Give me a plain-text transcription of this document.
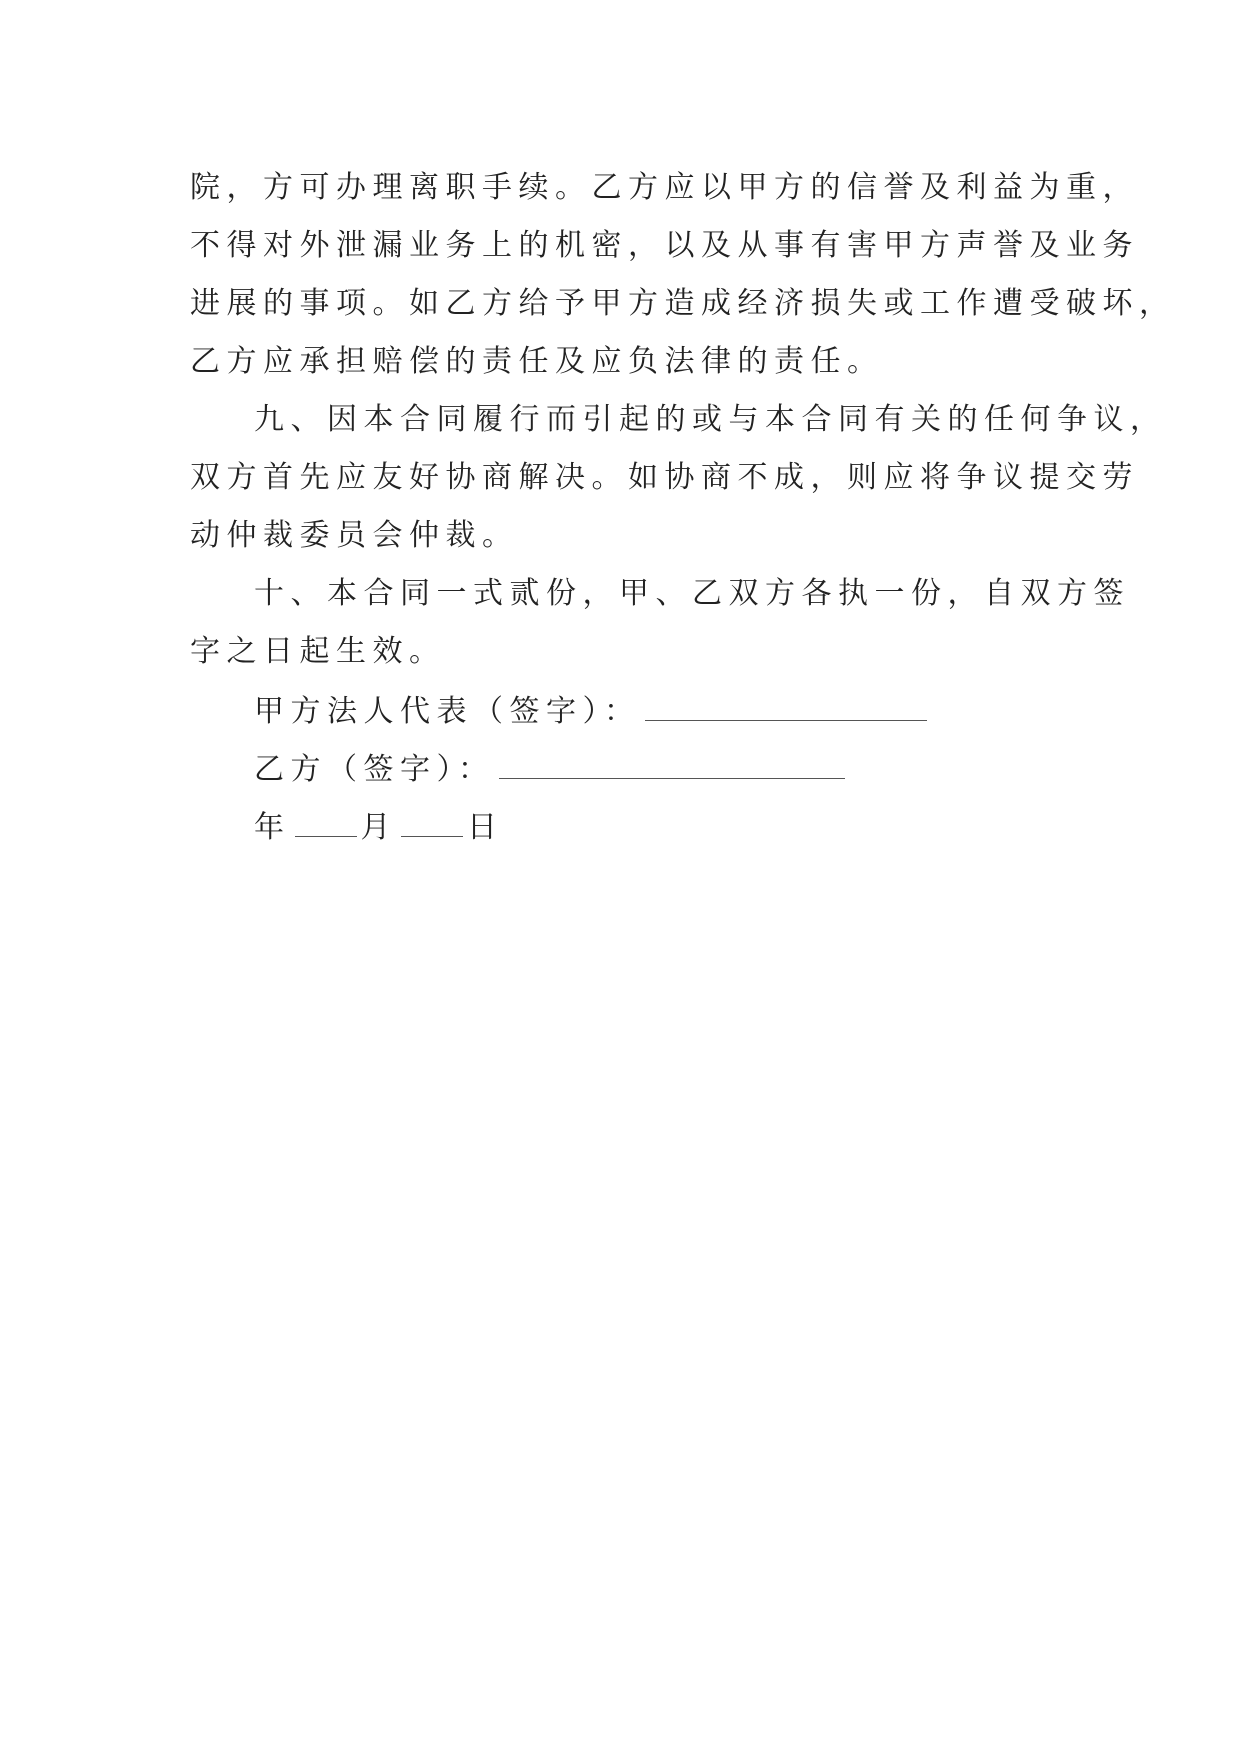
院，方可办理离职手续。乙方应以甲方的信誉及利益为重，
不得对外泄漏业务上的机密，以及从事有害甲方声誉及业务
进展的事项。如乙方给予甲方造成经济损失或工作遭受破坏，
乙方应承担赔偿的责任及应负法律的责任。
九、因本合同履行而引起的或与本合同有关的任何争议，
双方首先应友好协商解决。如协商不成，则应将争议提交劳
动仲裁委员会仲裁。
十、本合同一式贰份，甲、乙双方各执一份，自双方签
字之日起生效。
甲方法人代表（签字）：
乙方（签字）：
年 月 日
